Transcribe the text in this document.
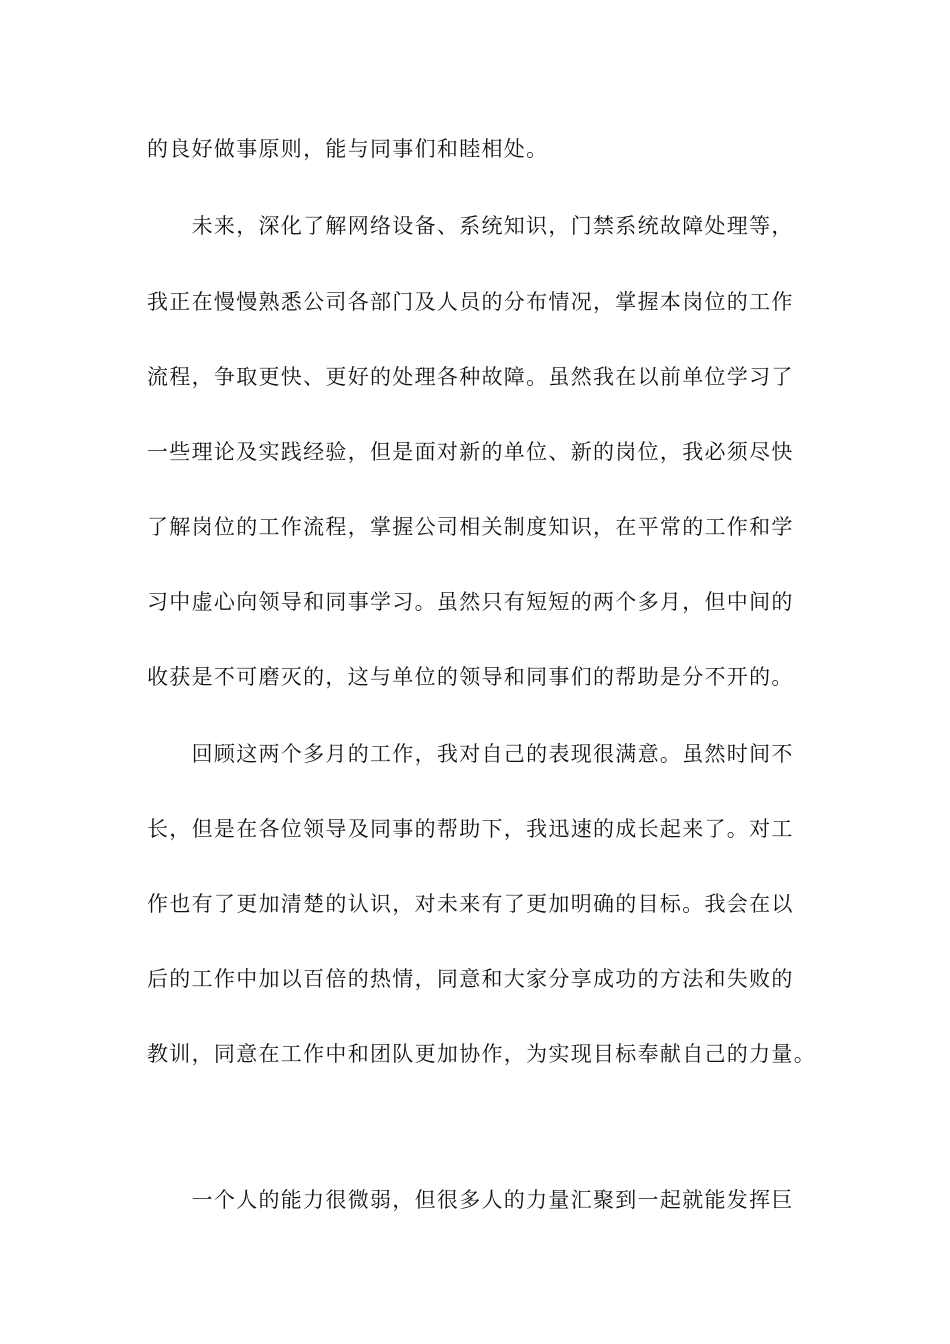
的良好做事原则，能与同事们和睦相处。
　　未来，深化了解网络设备、系统知识，门禁系统故障处理等，
我正在慢慢熟悉公司各部门及人员的分布情况，掌握本岗位的工作
流程，争取更快、更好的处理各种故障。虽然我在以前单位学习了
一些理论及实践经验，但是面对新的单位、新的岗位，我必须尽快
了解岗位的工作流程，掌握公司相关制度知识，在平常的工作和学
习中虚心向领导和同事学习。虽然只有短短的两个多月，但中间的
收获是不可磨灭的，这与单位的领导和同事们的帮助是分不开的。
　　回顾这两个多月的工作，我对自己的表现很满意。虽然时间不
长，但是在各位领导及同事的帮助下，我迅速的成长起来了。对工
作也有了更加清楚的认识，对未来有了更加明确的目标。我会在以
后的工作中加以百倍的热情，同意和大家分享成功的方法和失败的
教训，同意在工作中和团队更加协作，为实现目标奉献自己的力量。
　　一个人的能力很微弱，但很多人的力量汇聚到一起就能发挥巨
